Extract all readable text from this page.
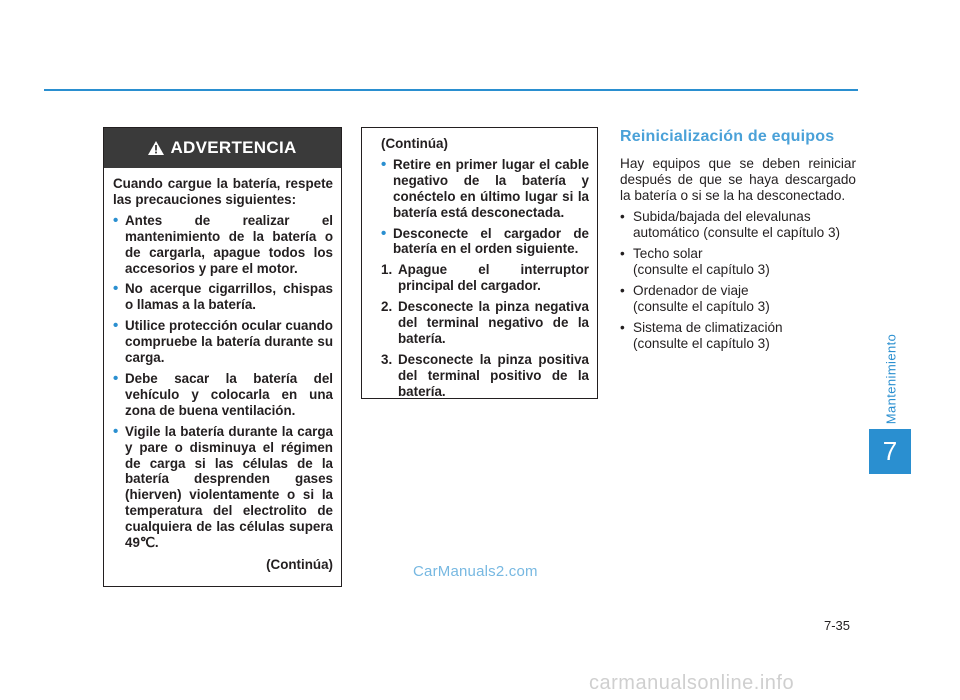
ADVERTENCIA

Cuando cargue la batería, respete las precauciones siguientes:

• Antes de realizar el mantenimiento de la batería o de cargarla, apague todos los accesorios y pare el motor.

• No acerque cigarrillos, chispas o llamas a la batería.

• Utilice protección ocular cuando compruebe la batería durante su carga.

• Debe sacar la batería del vehículo y colocarla en una zona de buena ventilación.

• Vigile la batería durante la carga y pare o disminuya el régimen de carga si las células de la batería desprenden gases (hierven) violentamente o si la temperatura del electrolito de cualquiera de las células supera 49℃.

(Continúa)

(Continúa)

• Retire en primer lugar el cable negativo de la batería y conéctelo en último lugar si la batería está desconectada.

• Desconecte el cargador de batería en el orden siguiente.

1. Apague el interruptor principal del cargador.

2. Desconecte la pinza negativa del terminal negativo de la batería.

3. Desconecte la pinza positiva del terminal positivo de la batería.

Reinicialización de equipos

Hay equipos que se deben reiniciar después de que se haya descargado la batería o si se la ha desconectado.

• Subida/bajada del elevalunas
automático (consulte el capítulo 3)
• Techo solar
(consulte el capítulo 3)
• Ordenador de viaje
(consulte el capítulo 3)
• Sistema de climatización
(consulte el capítulo 3)	Mantenimiento
7
7-35
CarManuals2.com
carmanualsonline.info
